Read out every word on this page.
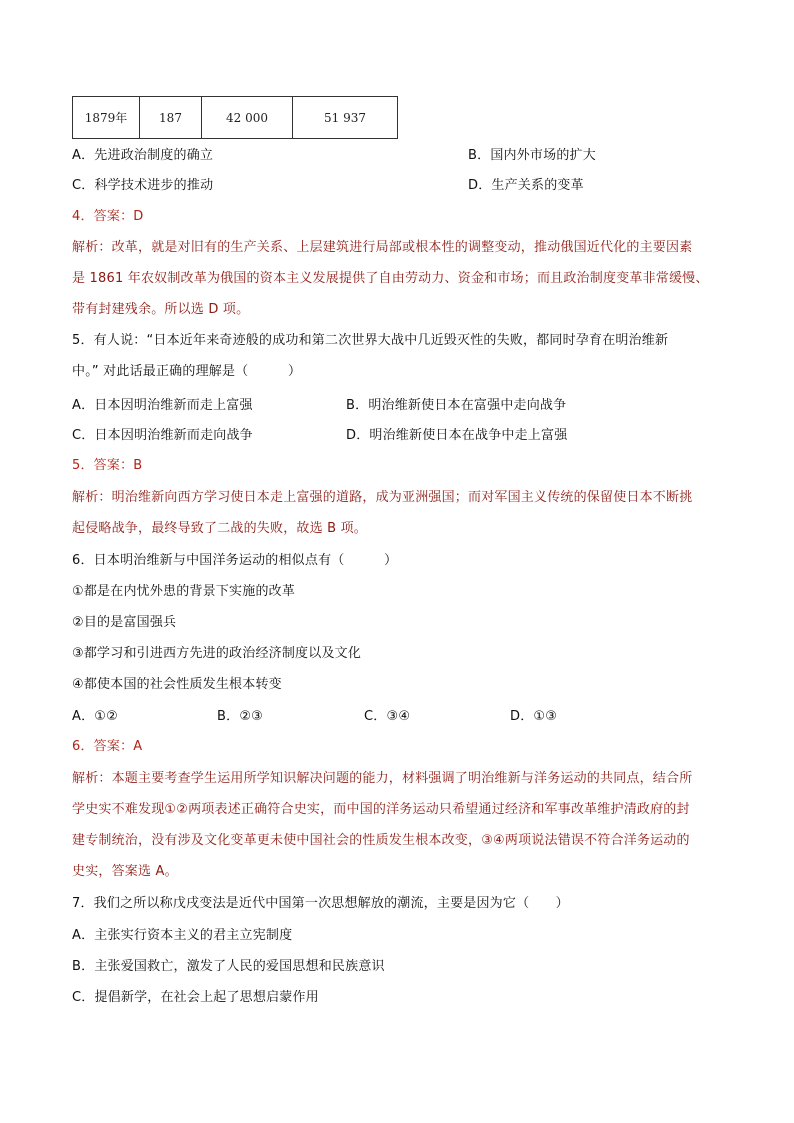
1879年	187	42 000	51 937
A．先进政治制度的确立	B．国内外市场的扩大
C．科学技术进步的推动	D．生产关系的变革
4．答案：D
解析：改革，就是对旧有的生产关系、上层建筑进行局部或根本性的调整变动，推动俄国近代化的主要因素
是 1861 年农奴制改革为俄国的资本主义发展提供了自由劳动力、资金和市场；而且政治制度变革非常缓慢、
带有封建残余。所以选 D 项。
5．有人说：“日本近年来奇迹般的成功和第二次世界大战中几近毁灭性的失败，都同时孕育在明治维新
中。” 对此话最正确的理解是（　　　）
A．日本因明治维新而走上富强	B．明治维新使日本在富强中走向战争
C．日本因明治维新而走向战争	D．明治维新使日本在战争中走上富强
5．答案：B
解析：明治维新向西方学习使日本走上富强的道路，成为亚洲强国；而对军国主义传统的保留使日本不断挑
起侵略战争，最终导致了二战的失败，故选 B 项。
6．日本明治维新与中国洋务运动的相似点有（　　　）
①都是在内忧外患的背景下实施的改革
②目的是富国强兵
③都学习和引进西方先进的政治经济制度以及文化
④都使本国的社会性质发生根本转变
A．①②	B．②③	C．③④	D．①③
6．答案：A
解析：本题主要考查学生运用所学知识解决问题的能力，材料强调了明治维新与洋务运动的共同点，结合所
学史实不难发现①②两项表述正确符合史实，而中国的洋务运动只希望通过经济和军事改革维护清政府的封
建专制统治，没有涉及文化变革更未使中国社会的性质发生根本改变，③④两项说法错误不符合洋务运动的
史实，答案选 A。
7．我们之所以称戊戌变法是近代中国第一次思想解放的潮流，主要是因为它（　　）
A．主张实行资本主义的君主立宪制度
B．主张爱国救亡，激发了人民的爱国思想和民族意识
C．提倡新学，在社会上起了思想启蒙作用
